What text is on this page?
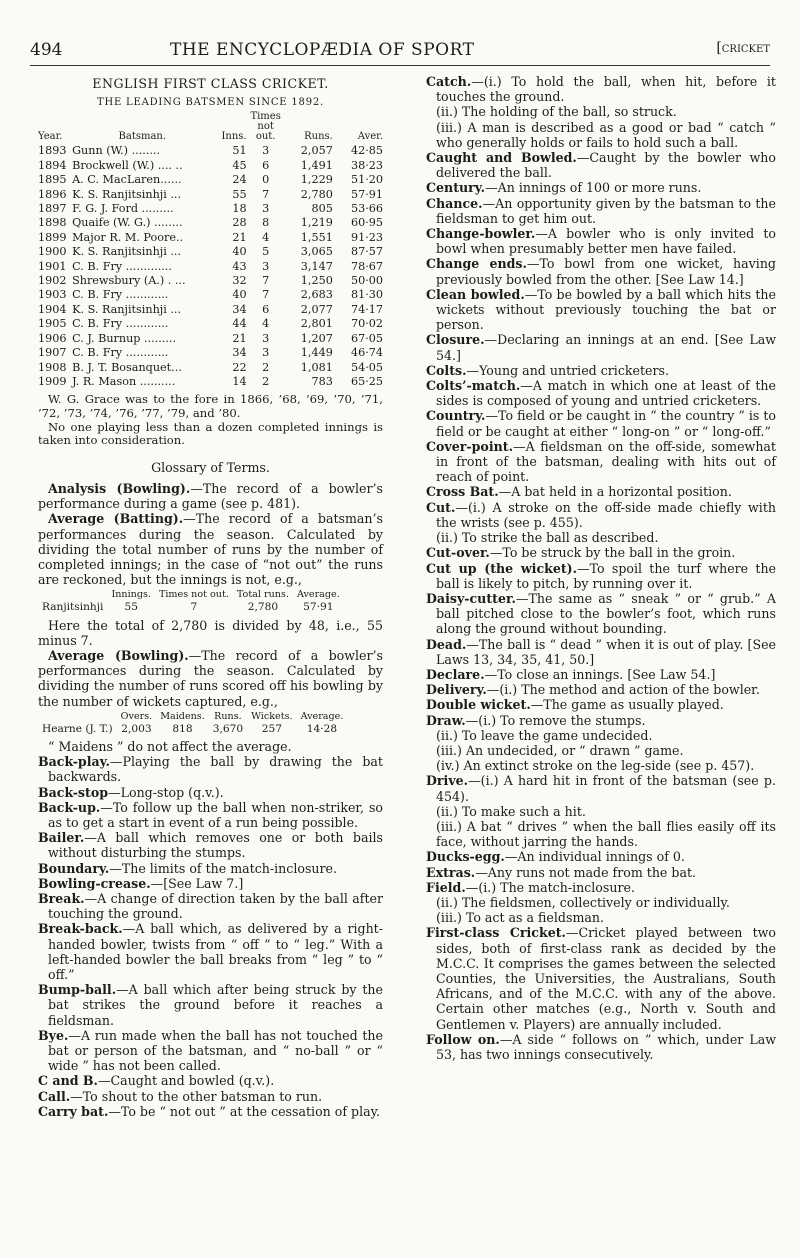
494	THE ENCYCLOPÆDIA OF SPORT	[cricket
ENGLISH FIRST CLASS CRICKET.
THE LEADING BATSMEN SINCE 1892.
Year.	Batsman.	Inns.	Times not out.	Runs.	Aver.
1893	Gunn (W.) ........	51	3	2,057	42·85
1894	Brockwell (W.) .... ..	45	6	1,491	38·23
1895	A. C. MacLaren......	24	0	1,229	51·20
1896	K. S. Ranjitsinhji ...	55	7	2,780	57·91
1897	F. G. J. Ford .........	18	3	805	53·66
1898	Quaife (W. G.) ........	28	8	1,219	60·95
1899	Major R. M. Poore..	21	4	1,551	91·23
1900	K. S. Ranjitsinhji ...	40	5	3,065	87·57
1901	C. B. Fry .............	43	3	3,147	78·67
1902	Shrewsbury (A.) . ...	32	7	1,250	50·00
1903	C. B. Fry ............	40	7	2,683	81·30
1904	K. S. Ranjitsinhji ...	34	6	2,077	74·17
1905	C. B. Fry ............	44	4	2,801	70·02
1906	C. J. Burnup .........	21	3	1,207	67·05
1907	C. B. Fry ............	34	3	1,449	46·74
1908	B. J. T. Bosanquet...	22	2	1,081	54·05
1909	J. R. Mason ..........	14	2	783	65·25

W. G. Grace was to the fore in 1866, ’68, ’69, ’70, ’71, ’72, ’73, ’74, ’76, ’77, ’79, and ’80.

No one playing less than a dozen completed innings is taken into consideration.

Glossary of Terms.

Analysis (Bowling).—The record of a bowler’s performance during a game (see p. 481).

Average (Batting).—The record of a batsman’s performances during the season. Calculated by dividing the total number of runs by the number of completed innings; in the case of “not out” the runs are reckoned, but the innings is not, e.g.,

	Innings.	Times not out.	Total runs.	Average.
Ranjitsinhji	55	7	2,780	57·91

Here the total of 2,780 is divided by 48, i.e., 55 minus 7.

Average (Bowling).—The record of a bowler’s performances during the season. Calculated by dividing the number of runs scored off his bowling by the number of wickets captured, e.g.,

	Overs.	Maidens.	Runs.	Wickets.	Average.
Hearne (J. T.)	2,003	818	3,670	257	14·28

“ Maidens ” do not affect the average.

Back-play.—Playing the ball by drawing the bat backwards.

Back-stop—Long-stop (q.v.).

Back-up.—To follow up the ball when non-striker, so as to get a start in event of a run being possible.

Bailer.—A ball which removes one or both bails without disturbing the stumps.

Boundary.—The limits of the match-inclosure.

Bowling-crease.—[See Law 7.]

Break.—A change of direction taken by the ball after touching the ground.

Break-back.—A ball which, as delivered by a right-handed bowler, twists from “ off ” to “ leg.” With a left-handed bowler the ball breaks from “ leg ” to “ off.”

Bump-ball.—A ball which after being struck by the bat strikes the ground before it reaches a fieldsman.

Bye.—A run made when the ball has not touched the bat or person of the batsman, and “ no-ball ” or “ wide ” has not been called.

C and B.—Caught and bowled (q.v.).

Call.—To shout to the other batsman to run.

Carry bat.—To be “ not out ” at the cessation of play.

Catch.—(i.) To hold the ball, when hit, before it touches the ground.

(ii.) The holding of the ball, so struck.

(iii.) A man is described as a good or bad “ catch ” who generally holds or fails to hold such a ball.

Caught and Bowled.—Caught by the bowler who delivered the ball.

Century.—An innings of 100 or more runs.

Chance.—An opportunity given by the batsman to the fieldsman to get him out.

Change-bowler.—A bowler who is only invited to bowl when presumably better men have failed.

Change ends.—To bowl from one wicket, having previously bowled from the other. [See Law 14.]

Clean bowled.—To be bowled by a ball which hits the wickets without previously touching the bat or person.

Closure.—Declaring an innings at an end. [See Law 54.]

Colts.—Young and untried cricketers.

Colts’-match.—A match in which one at least of the sides is composed of young and untried cricketers.

Country.—To field or be caught in “ the country ” is to field or be caught at either “ long-on ” or “ long-off.”

Cover-point.—A fieldsman on the off-side, somewhat in front of the batsman, dealing with hits out of reach of point.

Cross Bat.—A bat held in a horizontal position.

Cut.—(i.) A stroke on the off-side made chiefly with the wrists (see p. 455).

(ii.) To strike the ball as described.

Cut-over.—To be struck by the ball in the groin.

Cut up (the wicket).—To spoil the turf where the ball is likely to pitch, by running over it.

Daisy-cutter.—The same as “ sneak ” or “ grub.” A ball pitched close to the bowler’s foot, which runs along the ground without bounding.

Dead.—The ball is “ dead ” when it is out of play. [See Laws 13, 34, 35, 41, 50.]

Declare.—To close an innings. [See Law 54.]

Delivery.—(i.) The method and action of the bowler.

Double wicket.—The game as usually played.

Draw.—(i.) To remove the stumps.

(ii.) To leave the game undecided.

(iii.) An undecided, or “ drawn ” game.

(iv.) An extinct stroke on the leg-side (see p. 457).

Drive.—(i.) A hard hit in front of the batsman (see p. 454).

(ii.) To make such a hit.

(iii.) A bat “ drives ” when the ball flies easily off its face, without jarring the hands.

Ducks-egg.—An individual innings of 0.

Extras.—Any runs not made from the bat.

Field.—(i.) The match-inclosure.

(ii.) The fieldsmen, collectively or individually.

(iii.) To act as a fieldsman.

First-class Cricket.—Cricket played between two sides, both of first-class rank as decided by the M.C.C. It comprises the games between the selected Counties, the Universities, the Australians, South Africans, and of the M.C.C. with any of the above. Certain other matches (e.g., North v. South and Gentlemen v. Players) are annually included.

Follow on.—A side “ follows on ” which, under Law 53, has two innings consecutively.
